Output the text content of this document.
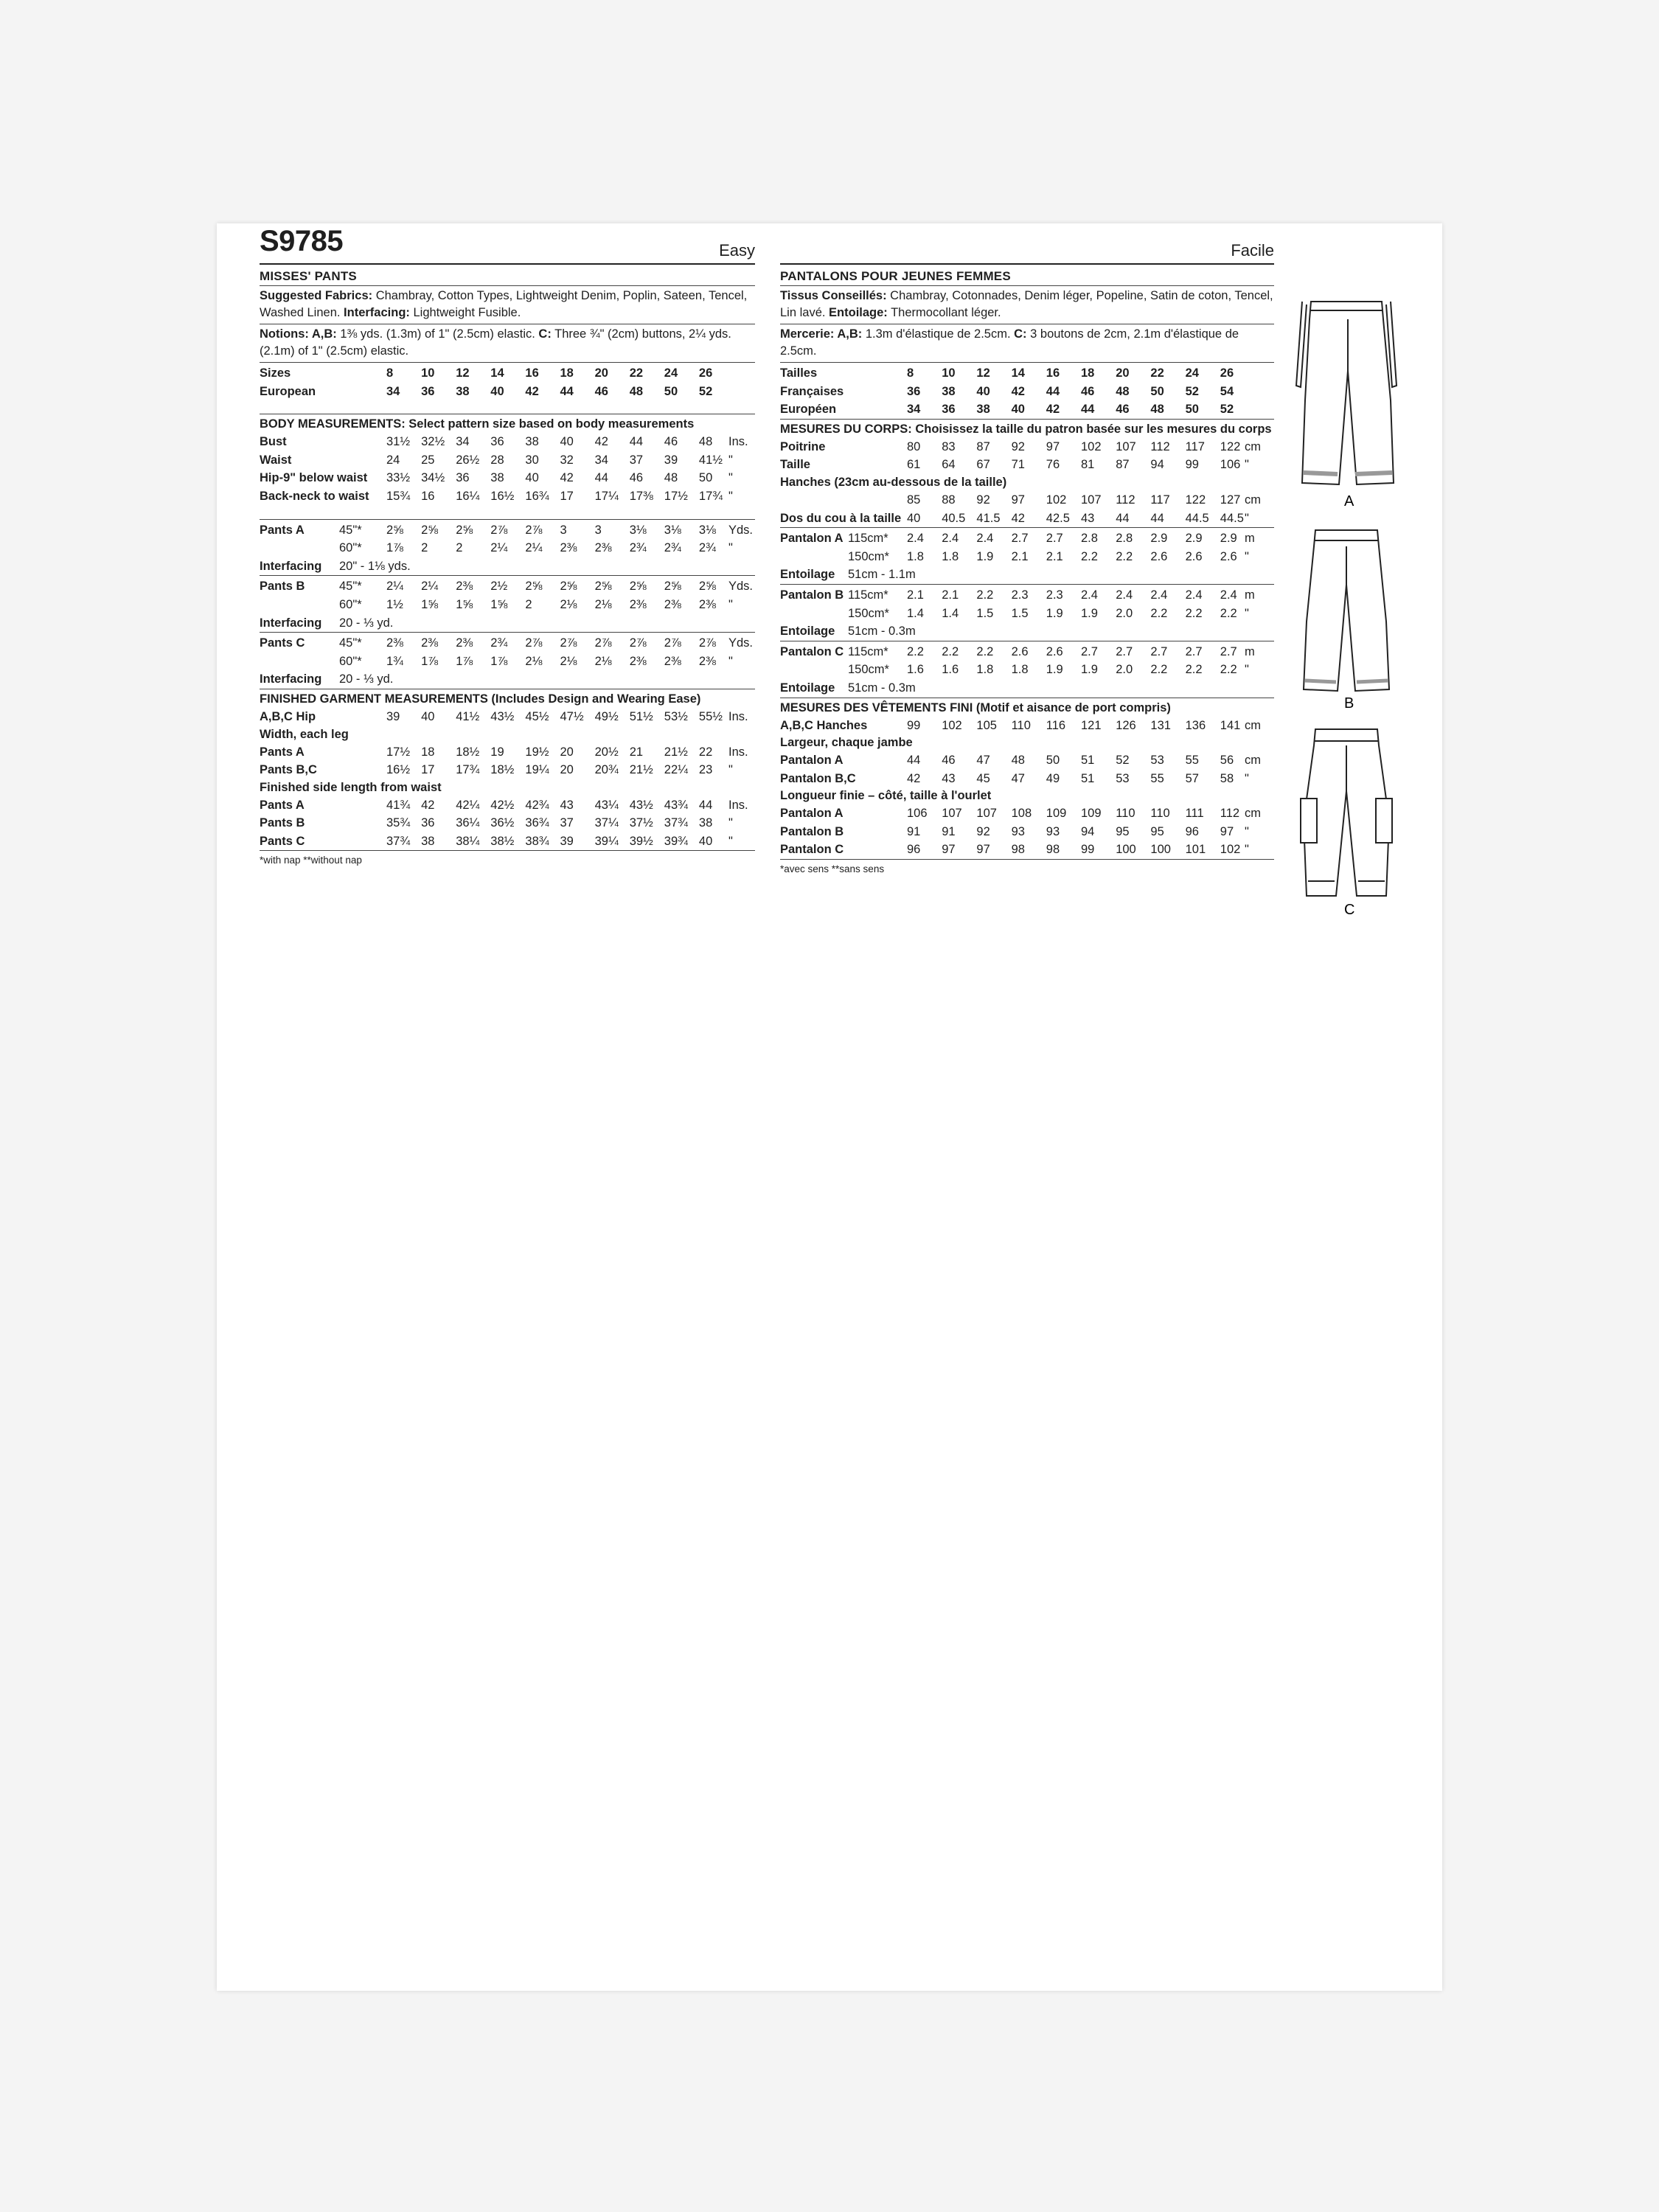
S9785	Easy
MISSES' PANTS
Suggested Fabrics: Chambray, Cotton Types, Lightweight Denim, Poplin, Sateen, Tencel, Washed Linen. Interfacing: Lightweight Fusible.
Notions: A,B: 1⅜ yds. (1.3m) of 1" (2.5cm) elastic. C: Three ¾" (2cm) buttons, 2¼ yds. (2.1m) of 1" (2.5cm) elastic.
Sizes	8 10 12 14 16 18 20 22 24 26
European	34 36 38 40 42 44 46 48 50 52
BODY MEASUREMENTS: Select pattern size based on body measurements
Bust	31½ 32½ 34 36 38 40 42 44 46 48 Ins.
Waist	24 25 26½ 28 30 32 34 37 39 41½ "
Hip-9" below waist 33½ 34½ 36 38 40 42 44 46 48 50 "
Back-neck to waist 15¾ 16 16¼ 16½ 16¾ 17 17¼ 17⅜ 17½ 17¾ "
Pants A	45"* 2⅝ 2⅝ 2⅝ 2⅞ 2⅞ 3 3 3⅛ 3⅛ 3⅛ Yds.
60"* 1⅞ 2 2 2¼ 2¼ 2⅜ 2⅜ 2¾ 2¾ 2¾ "
Interfacing 20" - 1⅛ yds.
Pants B	45"* 2¼ 2¼ 2⅜ 2½ 2⅝ 2⅝ 2⅝ 2⅝ 2⅝ 2⅝ Yds.
60"* 1½ 1⅝ 1⅝ 1⅝ 2 2⅛ 2⅛ 2⅜ 2⅜ 2⅜ "
Interfacing 20 - ⅓ yd.
Pants C	45"* 2⅜ 2⅜ 2⅜ 2¾ 2⅞ 2⅞ 2⅞ 2⅞ 2⅞ 2⅞ Yds.
60"* 1¾ 1⅞ 1⅞ 1⅞ 2⅛ 2⅛ 2⅛ 2⅜ 2⅜ 2⅜ "
Interfacing 20 - ⅓ yd.
FINISHED GARMENT MEASUREMENTS (Includes Design and Wearing Ease)
A,B,C Hip	39 40 41½ 43½ 45½ 47½ 49½ 51½ 53½ 55½ Ins.
Width, each leg
Pants A	17½ 18 18½ 19 19½ 20 20½ 21 21½ 22 Ins.
Pants B,C	16½ 17 17¾ 18½ 19¼ 20 20¾ 21½ 22¼ 23 "
Finished side length from waist
Pants A	41¾ 42 42¼ 42½ 42¾ 43 43¼ 43½ 43¾ 44 Ins.
Pants B	35¾ 36 36¼ 36½ 36¾ 37 37¼ 37½ 37¾ 38 "
Pants C	37¾ 38 38¼ 38½ 38¾ 39 39¼ 39½ 39¾ 40 "
*with nap **without nap
Facile
PANTALONS POUR JEUNES FEMMES
Tissus Conseillés: Chambray, Cotonnades, Denim léger, Popeline, Satin de coton, Tencel, Lin lavé. Entoilage: Thermocollant léger.
Mercerie: A,B: 1.3m d'élastique de 2.5cm. C: 3 boutons de 2cm, 2.1m d'élastique de 2.5cm.
Tailles	8 10 12 14 16 18 20 22 24 26
Françaises	36 38 40 42 44 46 48 50 52 54
Européen	34 36 38 40 42 44 46 48 50 52
MESURES DU CORPS: Choisissez la taille du patron basée sur les mesures du corps
Poitrine	80 83 87 92 97 102 107 112 117 122 cm
Taille	61 64 67 71 76 81 87 94 99 106 "
Hanches (23cm au-dessous de la taille)
85 88 92 97 102 107 112 117 122 127 cm
Dos du cou à la taille 40 40.5 41.5 42 42.5 43 44 44 44.5 44.5 "
Pantalon A 115cm* 2.4 2.4 2.4 2.7 2.7 2.8 2.8 2.9 2.9 2.9 m
150cm* 1.8 1.8 1.9 2.1 2.1 2.2 2.2 2.6 2.6 2.6 "
Entoilage 51cm - 1.1m
Pantalon B 115cm* 2.1 2.1 2.2 2.3 2.3 2.4 2.4 2.4 2.4 2.4 m
150cm* 1.4 1.4 1.5 1.5 1.9 1.9 2.0 2.2 2.2 2.2 "
Entoilage 51cm - 0.3m
Pantalon C 115cm* 2.2 2.2 2.2 2.6 2.6 2.7 2.7 2.7 2.7 2.7 m
150cm* 1.6 1.6 1.8 1.8 1.9 1.9 2.0 2.2 2.2 2.2 "
Entoilage 51cm - 0.3m
MESURES DES VÊTEMENTS FINI (Motif et aisance de port compris)
A,B,C Hanches	99 102 105 110 116 121 126 131 136 141 cm
Largeur, chaque jambe
Pantalon A	44 46 47 48 50 51 52 53 55 56 cm
Pantalon B,C	42 43 45 47 49 51 53 55 57 58 "
Longueur finie – côté, taille à l'ourlet
Pantalon A	106 107 107 108 109 109 110 110 111 112 cm
Pantalon B	91 91 92 93 93 94 95 95 96 97 "
Pantalon C	96 97 97 98 98 99 100 100 101 102 "
*avec sens **sans sens
A
B
C
